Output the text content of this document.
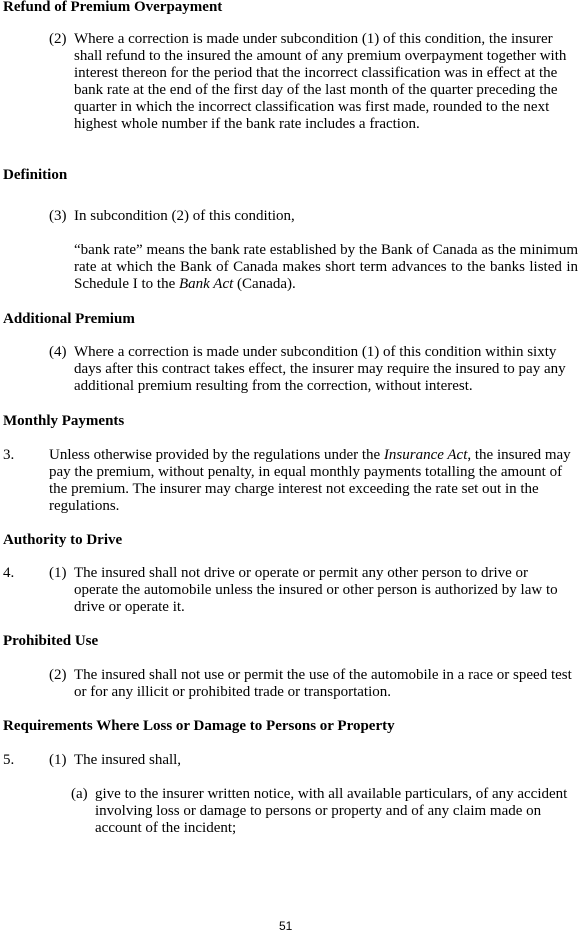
Refund of Premium Overpayment
(2) Where a correction is made under subcondition (1) of this condition, the insurer shall refund to the insured the amount of any premium overpayment together with interest thereon for the period that the incorrect classification was in effect at the bank rate at the end of the first day of the last month of the quarter preceding the quarter in which the incorrect classification was first made, rounded to the next highest whole number if the bank rate includes a fraction.
Definition
(3) In subcondition (2) of this condition,
“bank rate” means the bank rate established by the Bank of Canada as the minimum rate at which the Bank of Canada makes short term advances to the banks listed in Schedule I to the Bank Act (Canada).
Additional Premium
(4) Where a correction is made under subcondition (1) of this condition within sixty days after this contract takes effect, the insurer may require the insured to pay any additional premium resulting from the correction, without interest.
Monthly Payments
3. Unless otherwise provided by the regulations under the Insurance Act, the insured may pay the premium, without penalty, in equal monthly payments totalling the amount of the premium. The insurer may charge interest not exceeding the rate set out in the regulations.
Authority to Drive
4. (1) The insured shall not drive or operate or permit any other person to drive or operate the automobile unless the insured or other person is authorized by law to drive or operate it.
Prohibited Use
(2) The insured shall not use or permit the use of the automobile in a race or speed test or for any illicit or prohibited trade or transportation.
Requirements Where Loss or Damage to Persons or Property
5. (1) The insured shall,
(a) give to the insurer written notice, with all available particulars, of any accident involving loss or damage to persons or property and of any claim made on account of the incident;
51
